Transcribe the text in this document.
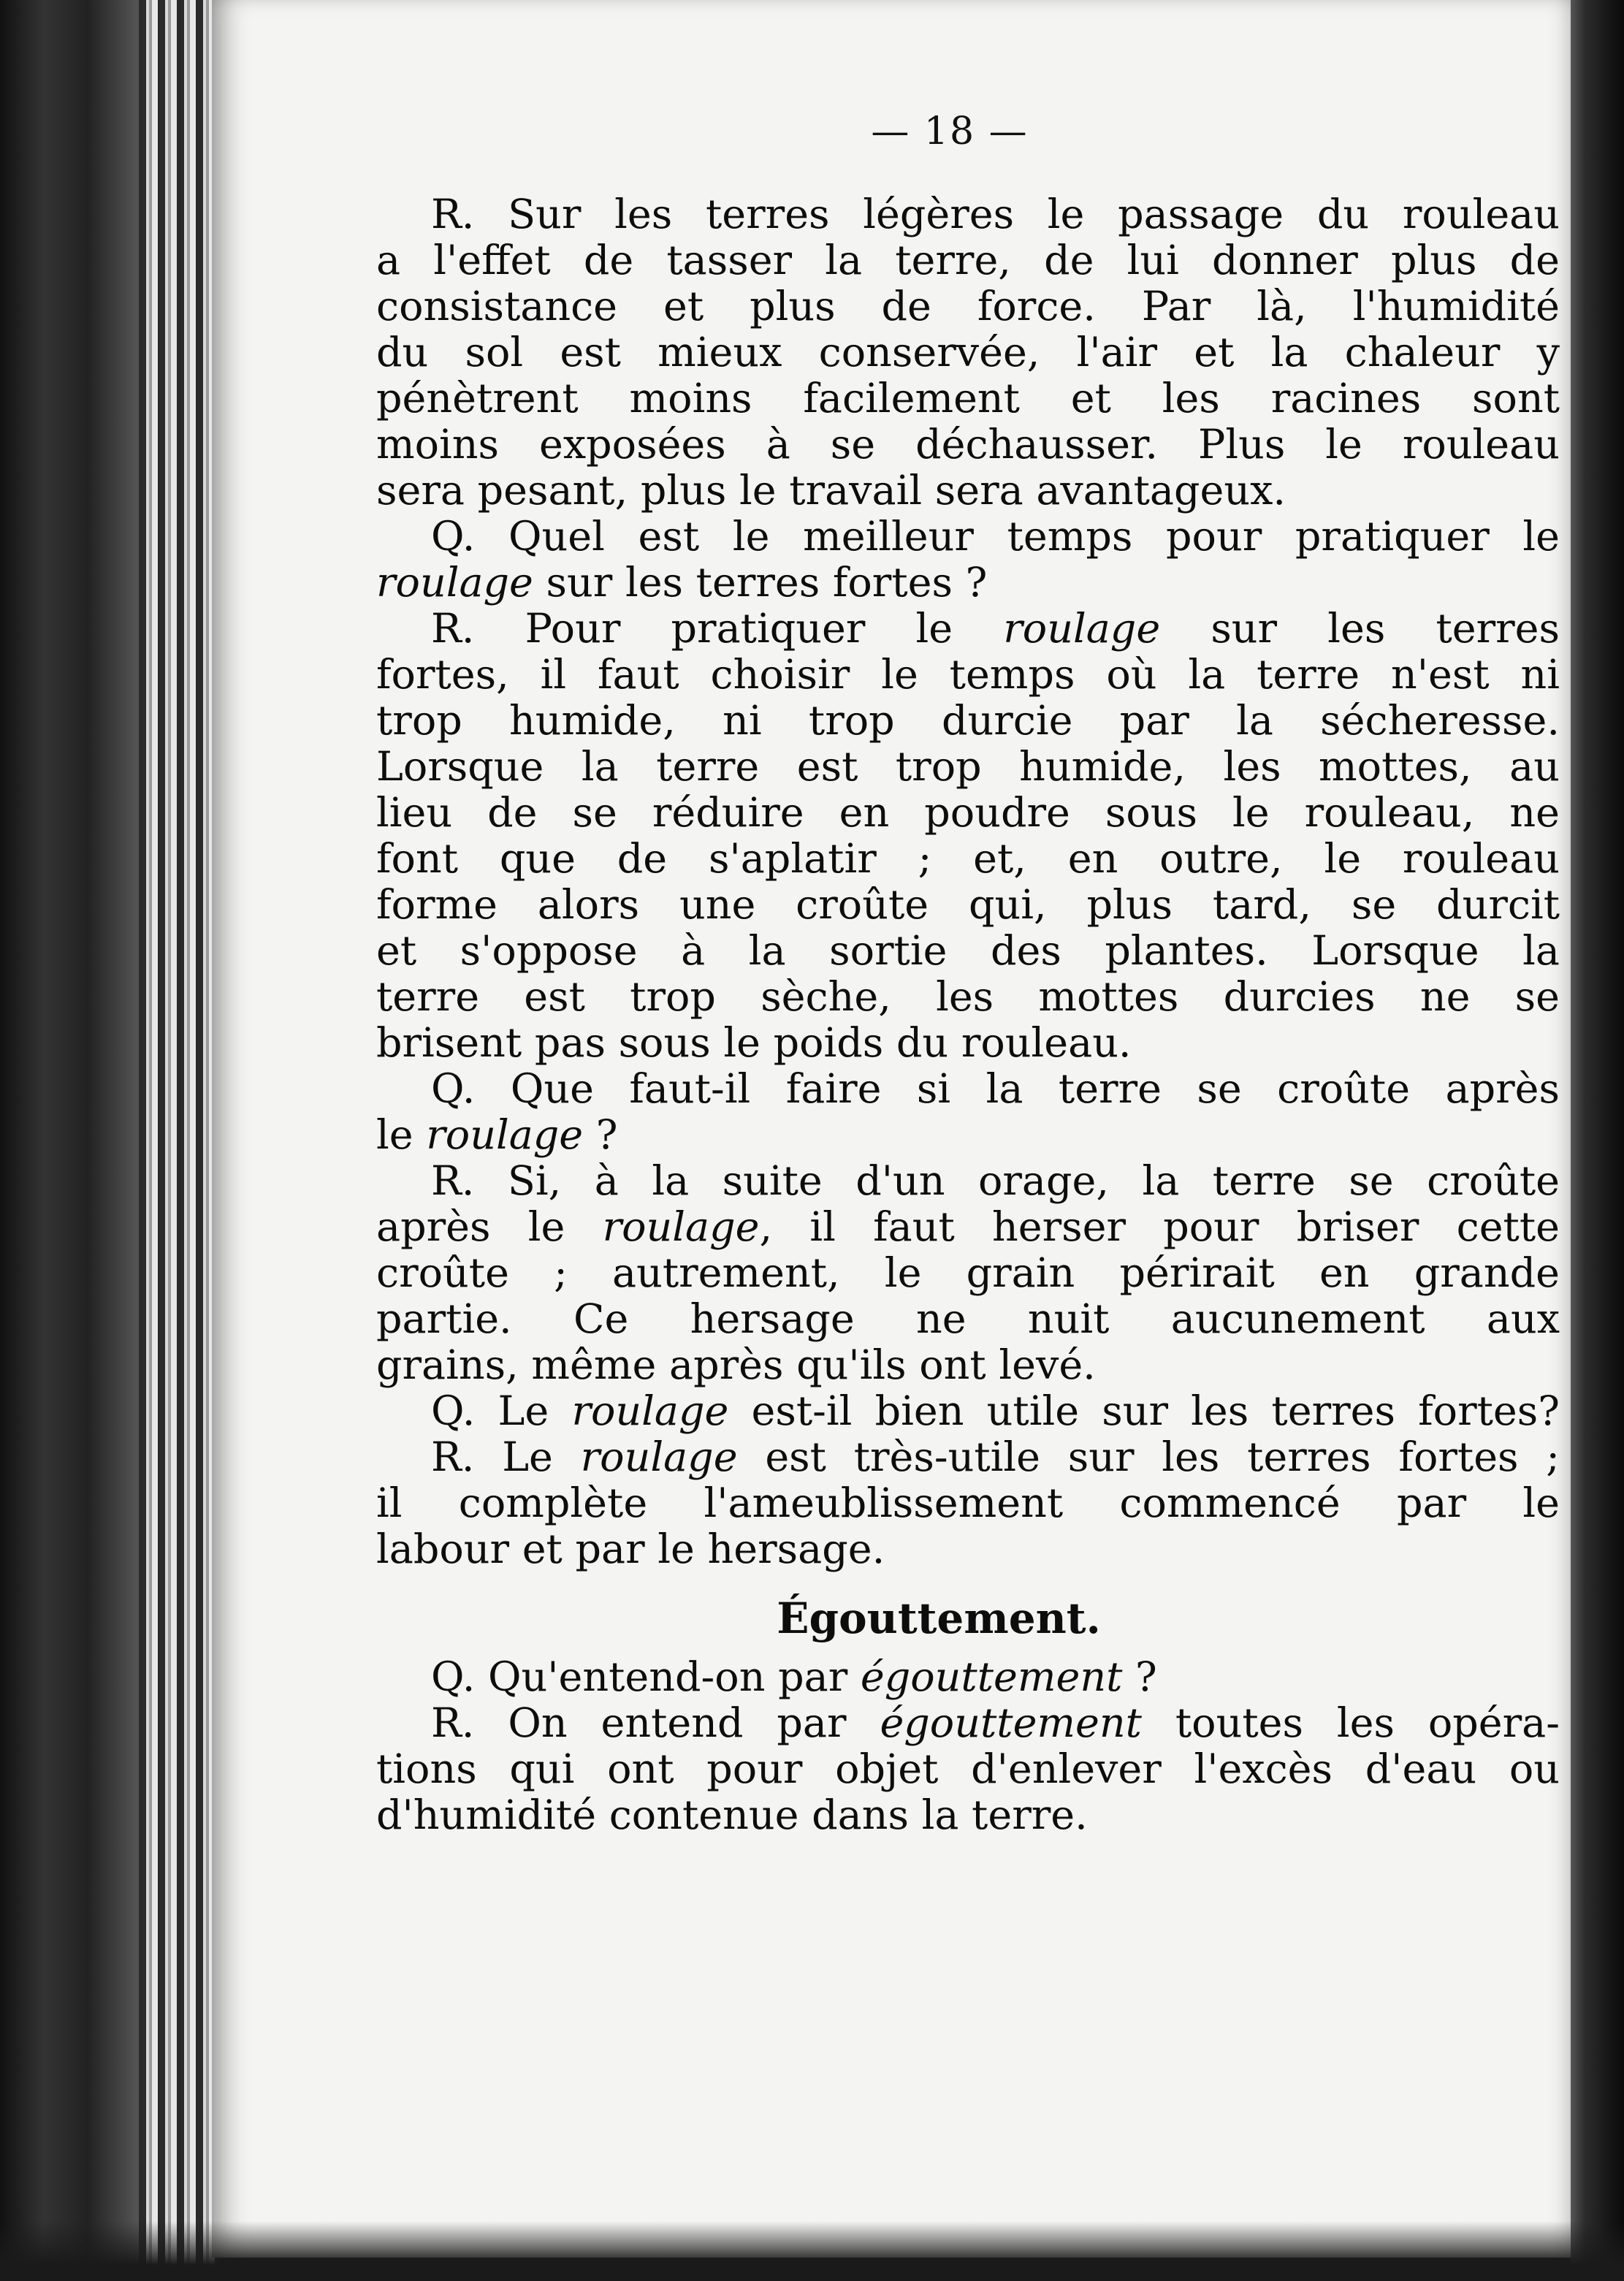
— 18 —
R. Sur les terres légères le passage du rouleau
a l'effet de tasser la terre, de lui donner plus de
consistance et plus de force. Par là, l'humidité
du sol est mieux conservée, l'air et la chaleur y
pénètrent moins facilement et les racines sont
moins exposées à se déchausser. Plus le rouleau
sera pesant, plus le travail sera avantageux.
Q. Quel est le meilleur temps pour pratiquer le
roulage sur les terres fortes ?
R. Pour pratiquer le roulage sur les terres
fortes, il faut choisir le temps où la terre n'est ni
trop humide, ni trop durcie par la sécheresse.
Lorsque la terre est trop humide, les mottes, au
lieu de se réduire en poudre sous le rouleau, ne
font que de s'aplatir ; et, en outre, le rouleau
forme alors une croûte qui, plus tard, se durcit
et s'oppose à la sortie des plantes. Lorsque la
terre est trop sèche, les mottes durcies ne se
brisent pas sous le poids du rouleau.
Q. Que faut-il faire si la terre se croûte après
le roulage ?
R. Si, à la suite d'un orage, la terre se croûte
après le roulage, il faut herser pour briser cette
croûte ; autrement, le grain périrait en grande
partie. Ce hersage ne nuit aucunement aux
grains, même après qu'ils ont levé.
Q. Le roulage est-il bien utile sur les terres fortes?
R. Le roulage est très-utile sur les terres fortes ;
il complète l'ameublissement commencé par le
labour et par le hersage.
Égouttement.
Q. Qu'entend-on par égouttement ?
R. On entend par égouttement toutes les opéra-
tions qui ont pour objet d'enlever l'excès d'eau ou
d'humidité contenue dans la terre.
